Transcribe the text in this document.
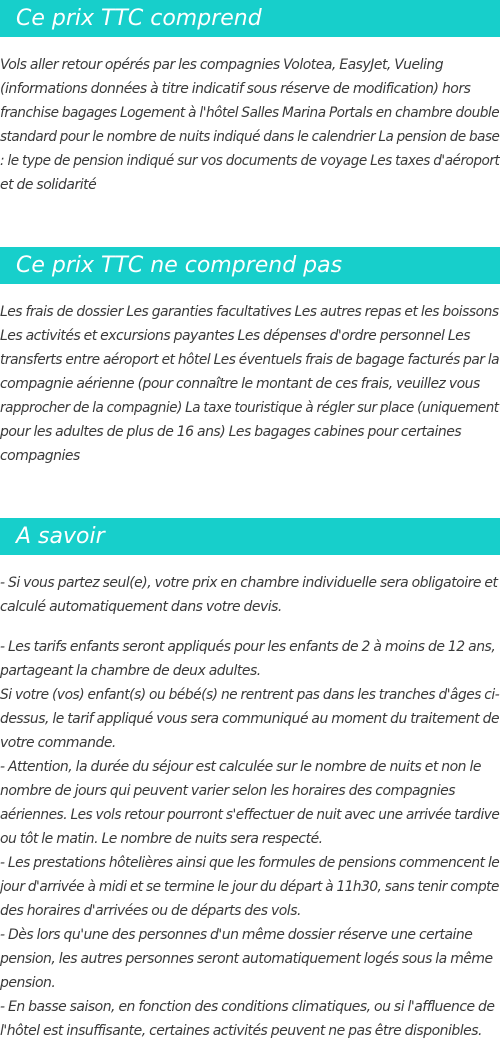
Ce prix TTC comprend
Vols aller retour opérés par les compagnies Volotea, EasyJet, Vueling
(informations données à titre indicatif sous réserve de modification) hors
franchise bagages Logement à l'hôtel Salles Marina Portals en chambre double
standard pour le nombre de nuits indiqué dans le calendrier La pension de base
: le type de pension indiqué sur vos documents de voyage Les taxes d'aéroport
et de solidarité
Ce prix TTC ne comprend pas
Les frais de dossier Les garanties facultatives Les autres repas et les boissons
Les activités et excursions payantes Les dépenses d'ordre personnel Les
transferts entre aéroport et hôtel Les éventuels frais de bagage facturés par la
compagnie aérienne (pour connaître le montant de ces frais, veuillez vous
rapprocher de la compagnie) La taxe touristique à régler sur place (uniquement
pour les adultes de plus de 16 ans) Les bagages cabines pour certaines
compagnies
A savoir
- Si vous partez seul(e), votre prix en chambre individuelle sera obligatoire et
calculé automatiquement dans votre devis.
- Les tarifs enfants seront appliqués pour les enfants de 2 à moins de 12 ans,
partageant la chambre de deux adultes.
Si votre (vos) enfant(s) ou bébé(s) ne rentrent pas dans les tranches d'âges ci-
dessus, le tarif appliqué vous sera communiqué au moment du traitement de
votre commande.
- Attention, la durée du séjour est calculée sur le nombre de nuits et non le
nombre de jours qui peuvent varier selon les horaires des compagnies
aériennes. Les vols retour pourront s'effectuer de nuit avec une arrivée tardive
ou tôt le matin. Le nombre de nuits sera respecté.
- Les prestations hôtelières ainsi que les formules de pensions commencent le
jour d'arrivée à midi et se termine le jour du départ à 11h30, sans tenir compte
des horaires d'arrivées ou de départs des vols.
- Dès lors qu'une des personnes d'un même dossier réserve une certaine
pension, les autres personnes seront automatiquement logés sous la même
pension.
- En basse saison, en fonction des conditions climatiques, ou si l'affluence de
l'hôtel est insuffisante, certaines activités peuvent ne pas être disponibles.
